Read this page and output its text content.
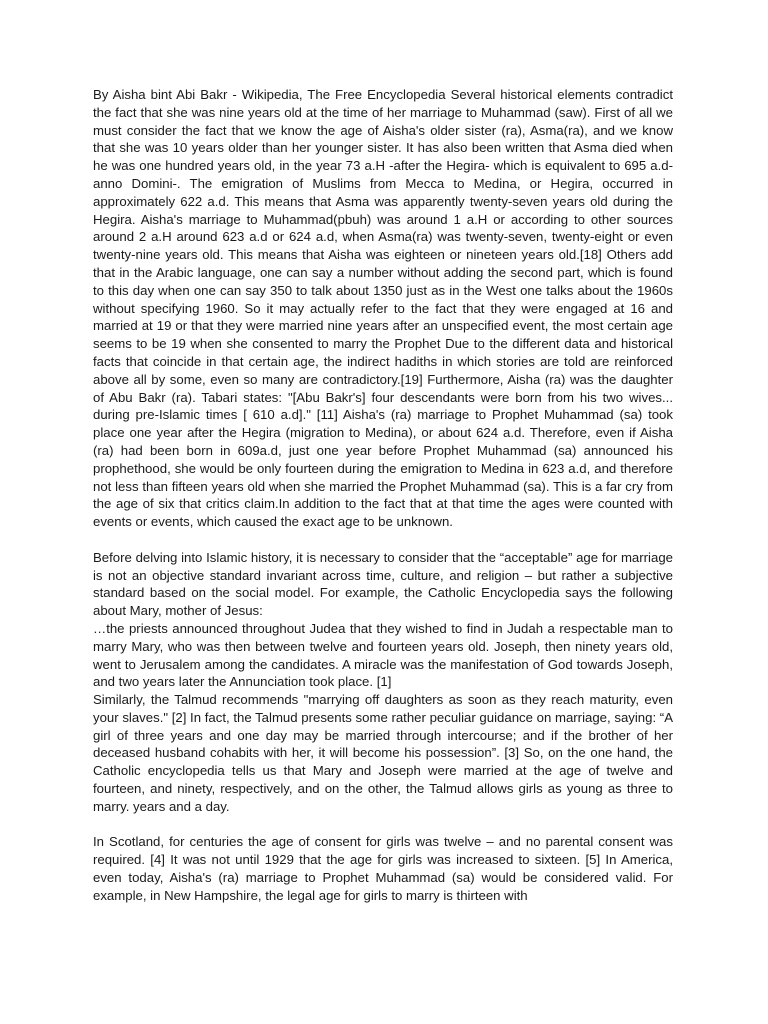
By Aisha bint Abi Bakr - Wikipedia, The Free Encyclopedia Several historical elements contradict the fact that she was nine years old at the time of her marriage to Muhammad (saw). First of all we must consider the fact that we know the age of Aisha's older sister (ra), Asma(ra), and we know that she was 10 years older than her younger sister. It has also been written that Asma died when he was one hundred years old, in the year 73 a.H -after the Hegira- which is equivalent to 695 a.d-anno Domini-. The emigration of Muslims from Mecca to Medina, or Hegira, occurred in approximately 622 a.d. This means that Asma was apparently twenty-seven years old during the Hegira. Aisha's marriage to Muhammad(pbuh) was around 1 a.H or according to other sources around 2 a.H around 623 a.d or 624 a.d, when Asma(ra) was twenty-seven, twenty-eight or even twenty-nine years old. This means that Aisha was eighteen or nineteen years old.[18] Others add that in the Arabic language, one can say a number without adding the second part, which is found to this day when one can say 350 to talk about 1350 just as in the West one talks about the 1960s without specifying 1960. So it may actually refer to the fact that they were engaged at 16 and married at 19 or that they were married nine years after an unspecified event, the most certain age seems to be 19 when she consented to marry the Prophet Due to the different data and historical facts that coincide in that certain age, the indirect hadiths in which stories are told are reinforced above all by some, even so many are contradictory.[19] Furthermore, Aisha (ra) was the daughter of Abu Bakr (ra). Tabari states: "[Abu Bakr's] four descendants were born from his two wives... during pre-Islamic times [ 610 a.d]." [11] Aisha's (ra) marriage to Prophet Muhammad (sa) took place one year after the Hegira (migration to Medina), or about 624 a.d. Therefore, even if Aisha (ra) had been born in 609a.d, just one year before Prophet Muhammad (sa) announced his prophethood, she would be only fourteen during the emigration to Medina in 623 a.d, and therefore not less than fifteen years old when she married the Prophet Muhammad (sa). This is a far cry from the age of six that critics claim.In addition to the fact that at that time the ages were counted with events or events, which caused the exact age to be unknown.

Before delving into Islamic history, it is necessary to consider that the “acceptable” age for marriage is not an objective standard invariant across time, culture, and religion – but rather a subjective standard based on the social model. For example, the Catholic Encyclopedia says the following about Mary, mother of Jesus:

…the priests announced throughout Judea that they wished to find in Judah a respectable man to marry Mary, who was then between twelve and fourteen years old. Joseph, then ninety years old, went to Jerusalem among the candidates. A miracle was the manifestation of God towards Joseph, and two years later the Annunciation took place. [1]

Similarly, the Talmud recommends "marrying off daughters as soon as they reach maturity, even your slaves." [2] In fact, the Talmud presents some rather peculiar guidance on marriage, saying: “A girl of three years and one day may be married through intercourse; and if the brother of her deceased husband cohabits with her, it will become his possession”. [3] So, on the one hand, the Catholic encyclopedia tells us that Mary and Joseph were married at the age of twelve and fourteen, and ninety, respectively, and on the other, the Talmud allows girls as young as three to marry. years and a day.

In Scotland, for centuries the age of consent for girls was twelve – and no parental consent was required. [4] It was not until 1929 that the age for girls was increased to sixteen. [5] In America, even today, Aisha's (ra) marriage to Prophet Muhammad (sa) would be considered valid. For example, in New Hampshire, the legal age for girls to marry is thirteen with
